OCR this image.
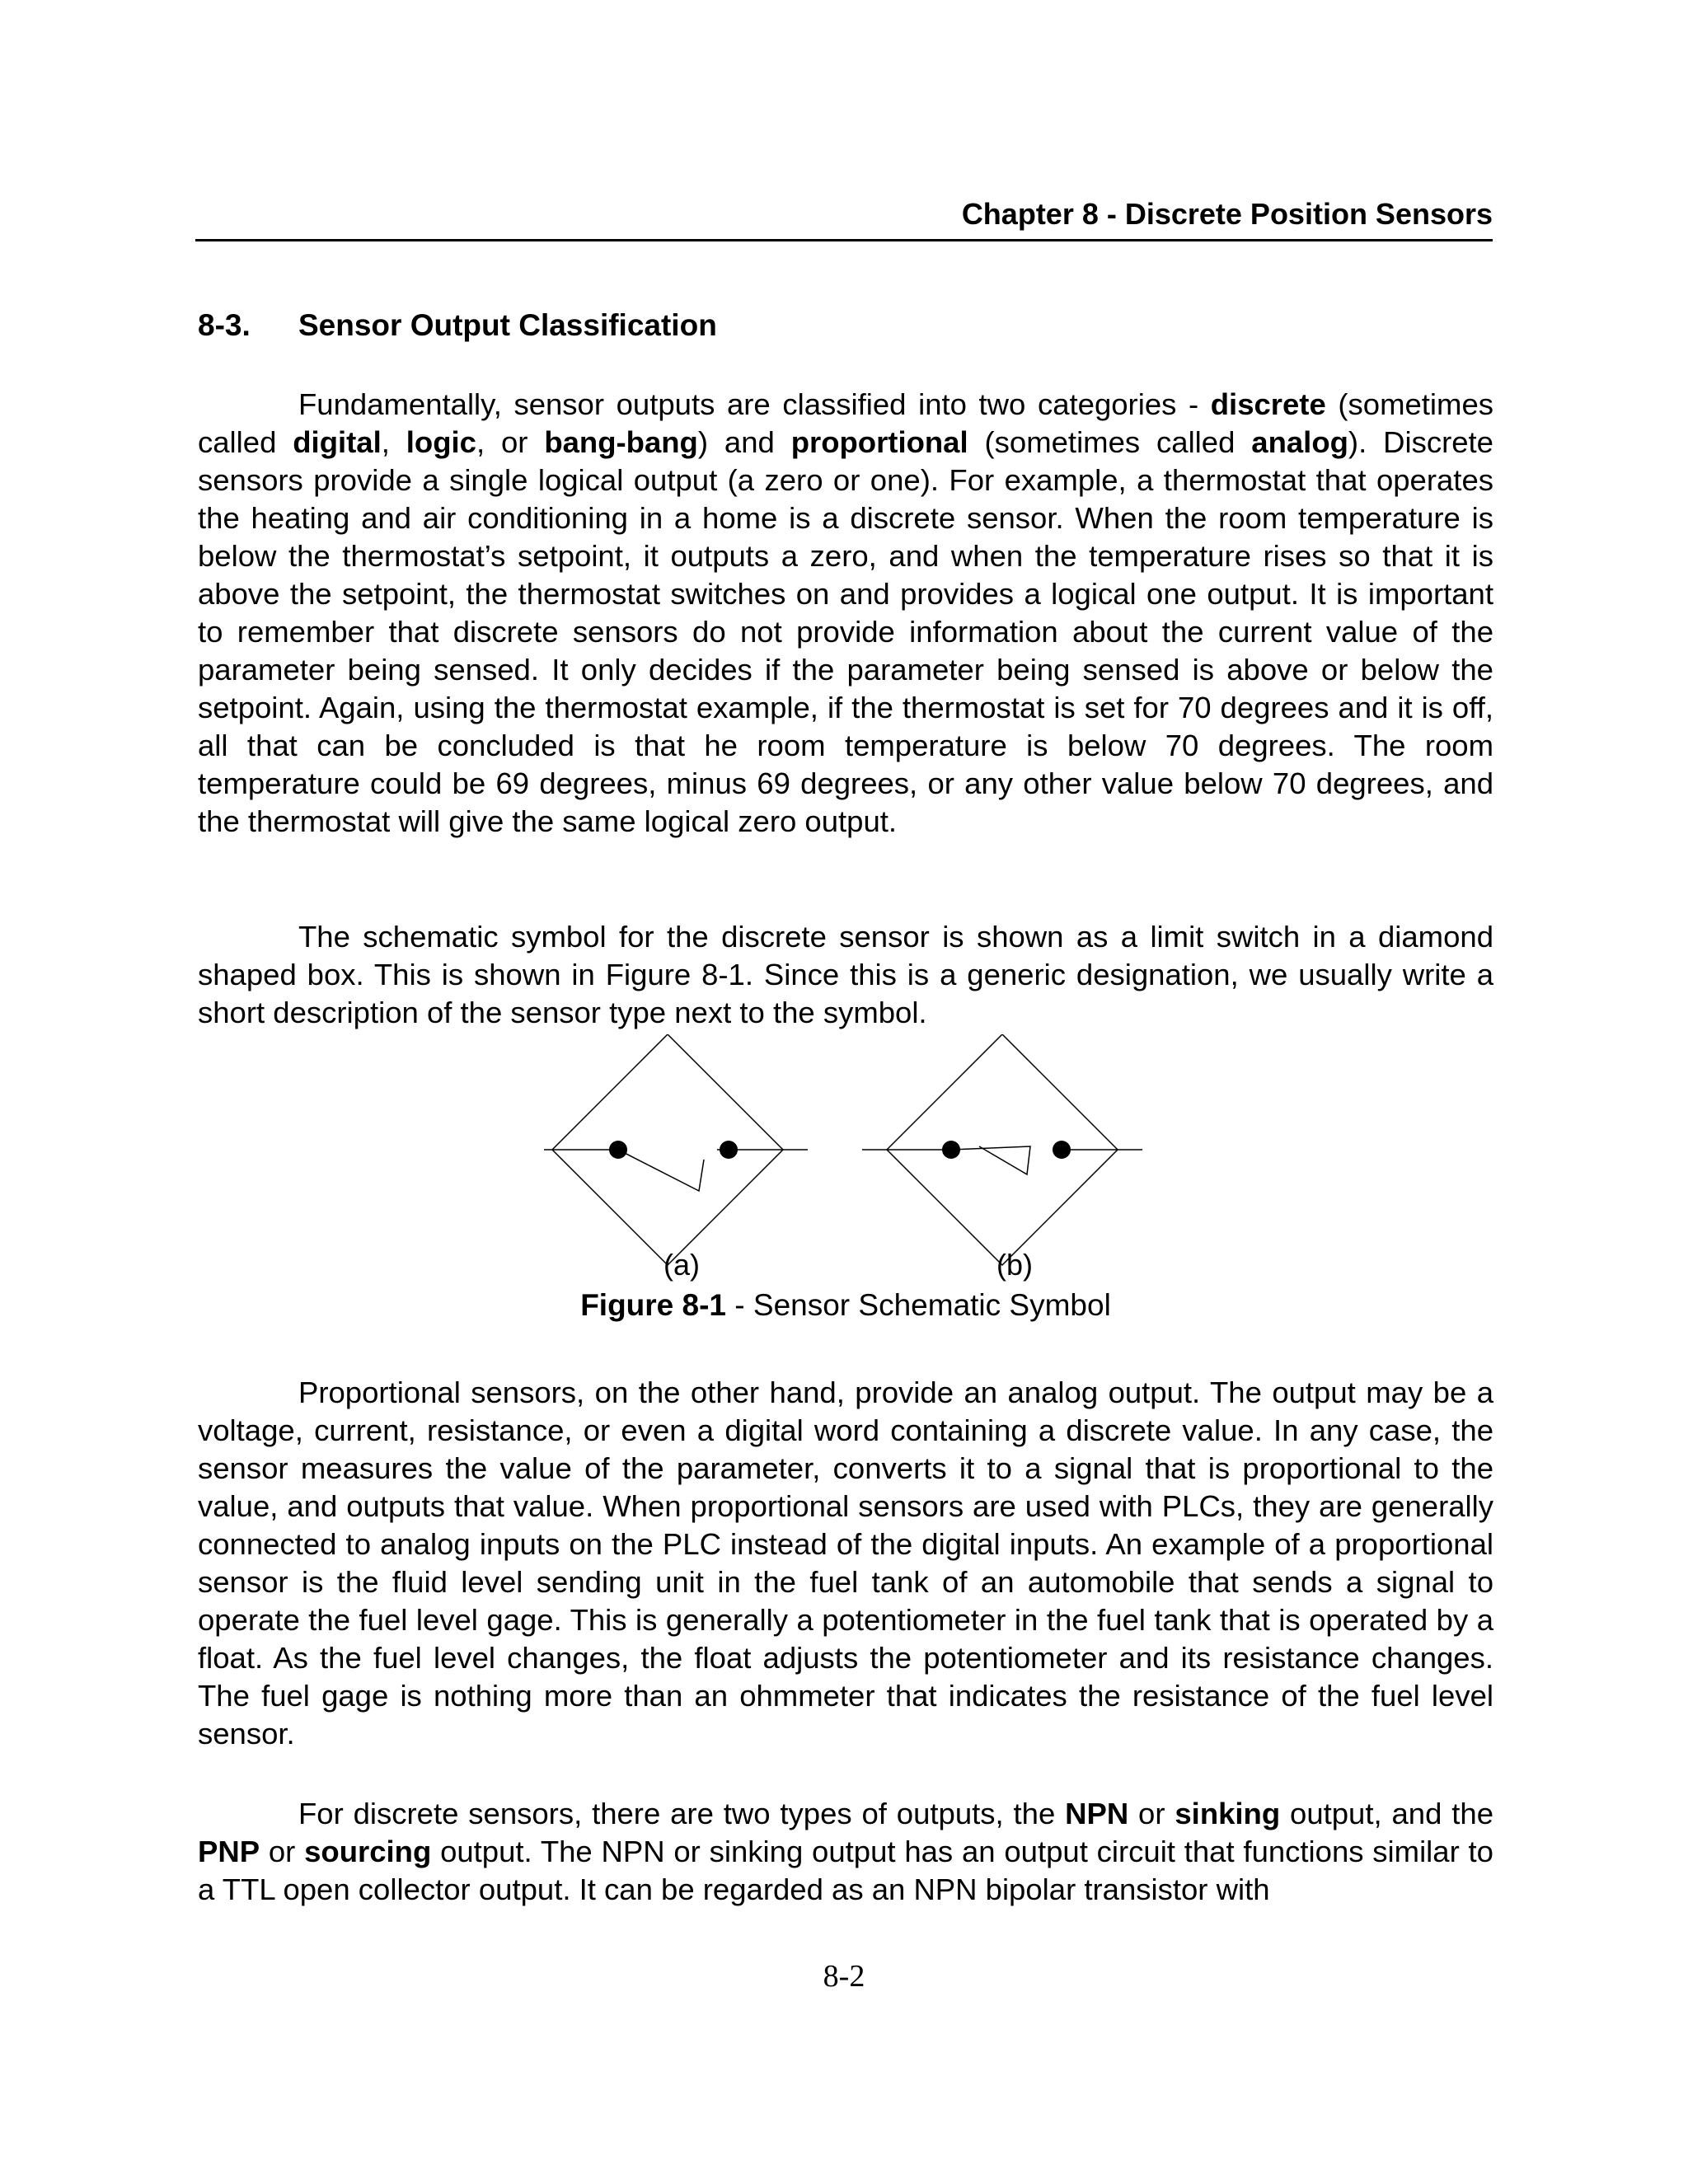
Chapter 8 - Discrete Position Sensors
8-3. Sensor Output Classification
Fundamentally, sensor outputs are classified into two categories - discrete (sometimes called digital, logic, or bang-bang) and proportional (sometimes called analog). Discrete sensors provide a single logical output (a zero or one). For example, a thermostat that operates the heating and air conditioning in a home is a discrete sensor. When the room temperature is below the thermostat’s setpoint, it outputs a zero, and when the temperature rises so that it is above the setpoint, the thermostat switches on and provides a logical one output. It is important to remember that discrete sensors do not provide information about the current value of the parameter being sensed. It only decides if the parameter being sensed is above or below the setpoint. Again, using the thermostat example, if the thermostat is set for 70 degrees and it is off, all that can be concluded is that he room temperature is below 70 degrees. The room temperature could be 69 degrees, minus 69 degrees, or any other value below 70 degrees, and the thermostat will give the same logical zero output.
The schematic symbol for the discrete sensor is shown as a limit switch in a diamond shaped box. This is shown in Figure 8-1. Since this is a generic designation, we usually write a short description of the sensor type next to the symbol.
(a)	(b)
Figure 8-1 - Sensor Schematic Symbol
Proportional sensors, on the other hand, provide an analog output. The output may be a voltage, current, resistance, or even a digital word containing a discrete value. In any case, the sensor measures the value of the parameter, converts it to a signal that is proportional to the value, and outputs that value. When proportional sensors are used with PLCs, they are generally connected to analog inputs on the PLC instead of the digital inputs. An example of a proportional sensor is the fluid level sending unit in the fuel tank of an automobile that sends a signal to operate the fuel level gage. This is generally a potentiometer in the fuel tank that is operated by a float. As the fuel level changes, the float adjusts the potentiometer and its resistance changes. The fuel gage is nothing more than an ohmmeter that indicates the resistance of the fuel level sensor.
For discrete sensors, there are two types of outputs, the NPN or sinking output, and the PNP or sourcing output. The NPN or sinking output has an output circuit that functions similar to a TTL open collector output. It can be regarded as an NPN bipolar transistor with
8-2
